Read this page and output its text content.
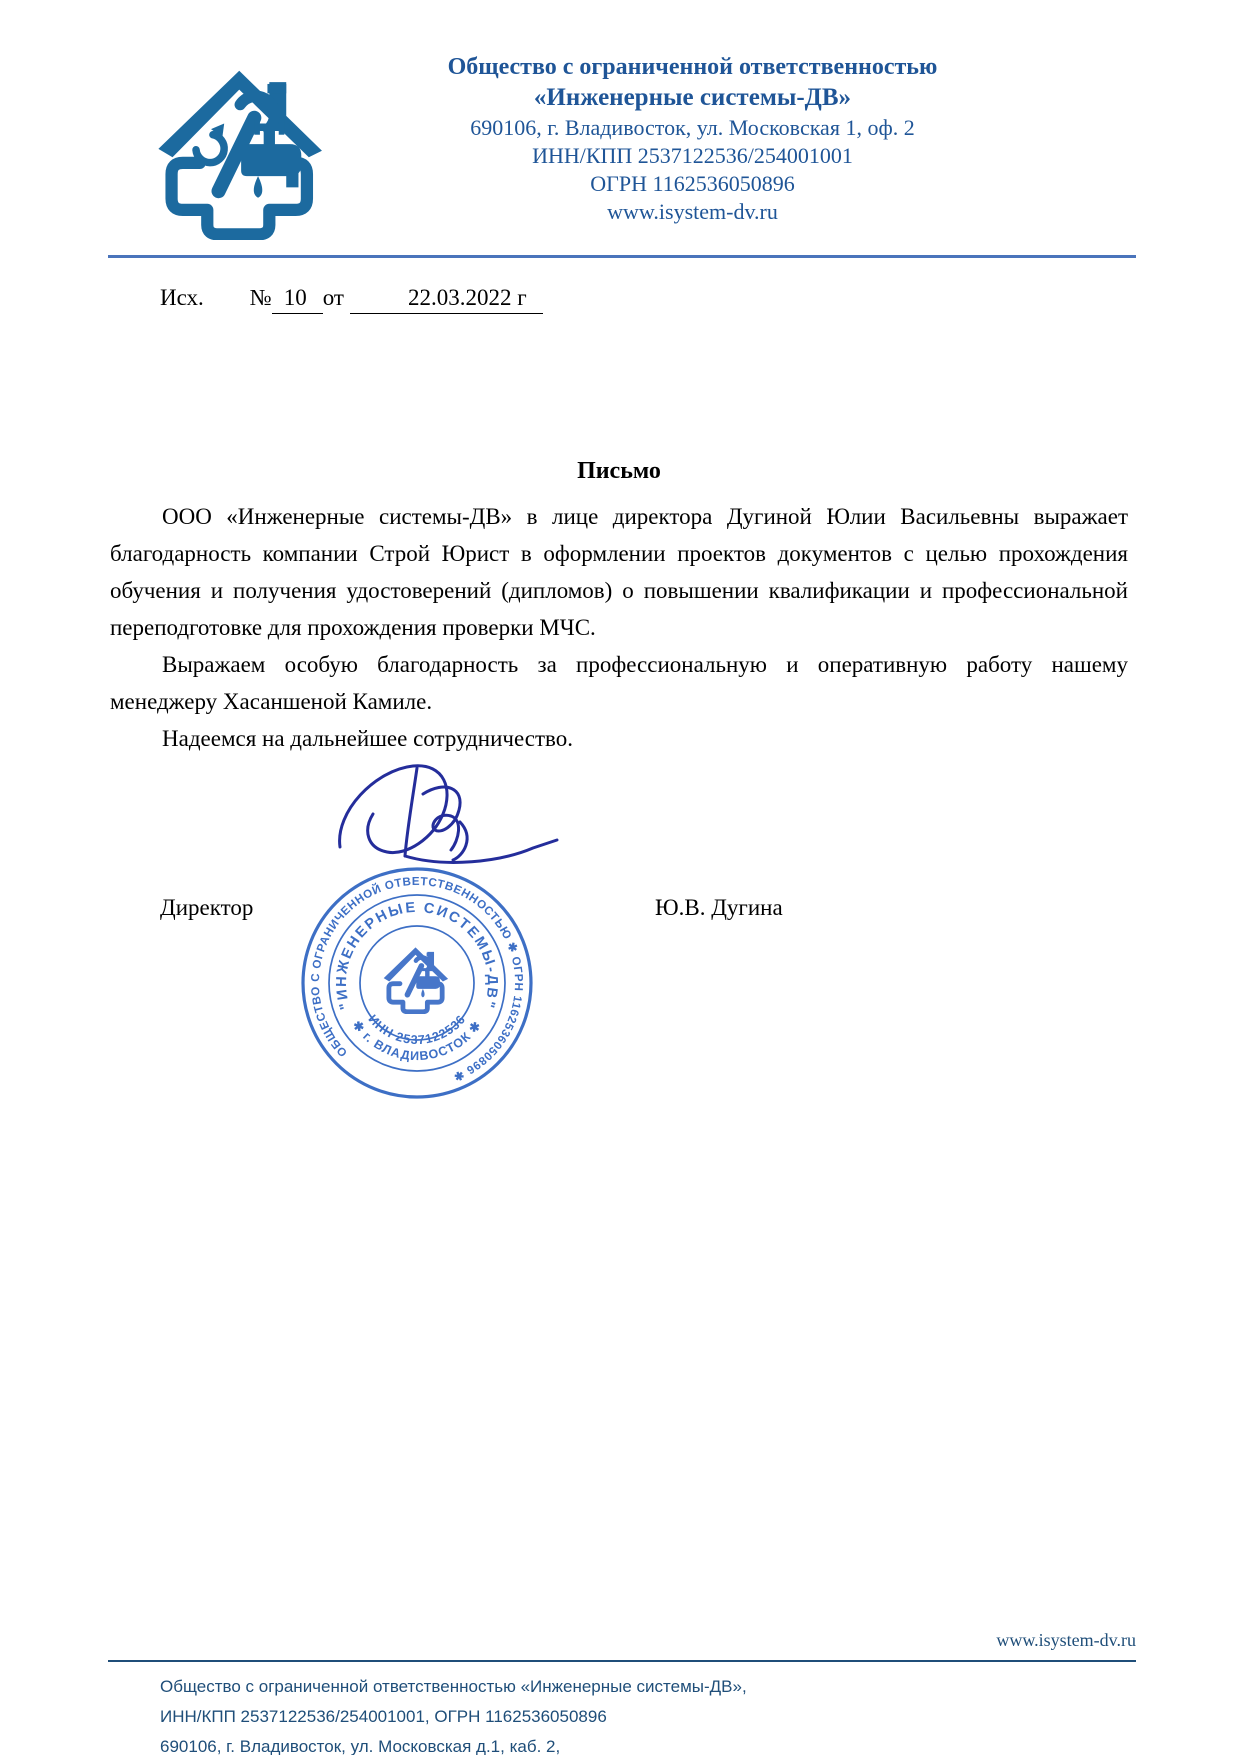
Общество с ограниченной ответственностью
«Инженерные системы-ДВ»
690106, г. Владивосток, ул. Московская 1, оф. 2
ИНН/КПП 2537122536/254001001
ОГРН 1162536050896
www.isystem-dv.ru
Исх. № 10 от	22.03.2022 г
Письмо

ООО «Инженерные системы-ДВ» в лице директора Дугиной Юлии Васильевны выражает благодарность компании Строй Юрист в оформлении проектов документов с целью прохождения обучения и получения удостоверений (дипломов) о повышении квалификации и профессиональной переподготовке для прохождения проверки МЧС.

Выражаем особую благодарность за профессиональную и оперативную работу нашему менеджеру Хасаншеной Камиле.

Надеемся на дальнейшее сотрудничество.

ОБЩЕСТВО С ОГРАНИЧЕННОЙ ОТВЕТСТВЕННОСТЬЮ ✱ ОГРН 1162536050896 ✱
"ИНЖЕНЕРНЫЕ СИСТЕМЫ-ДВ"
ИНН 2537122536
✱ г. ВЛАДИВОСТОК ✱
Директор	Ю.В. Дугина
www.isystem-dv.ru
Общество с ограниченной ответственностью «Инженерные системы-ДВ»,
ИНН/КПП 2537122536/254001001, ОГРН 1162536050896
690106, г. Владивосток, ул. Московская д.1, каб. 2,
